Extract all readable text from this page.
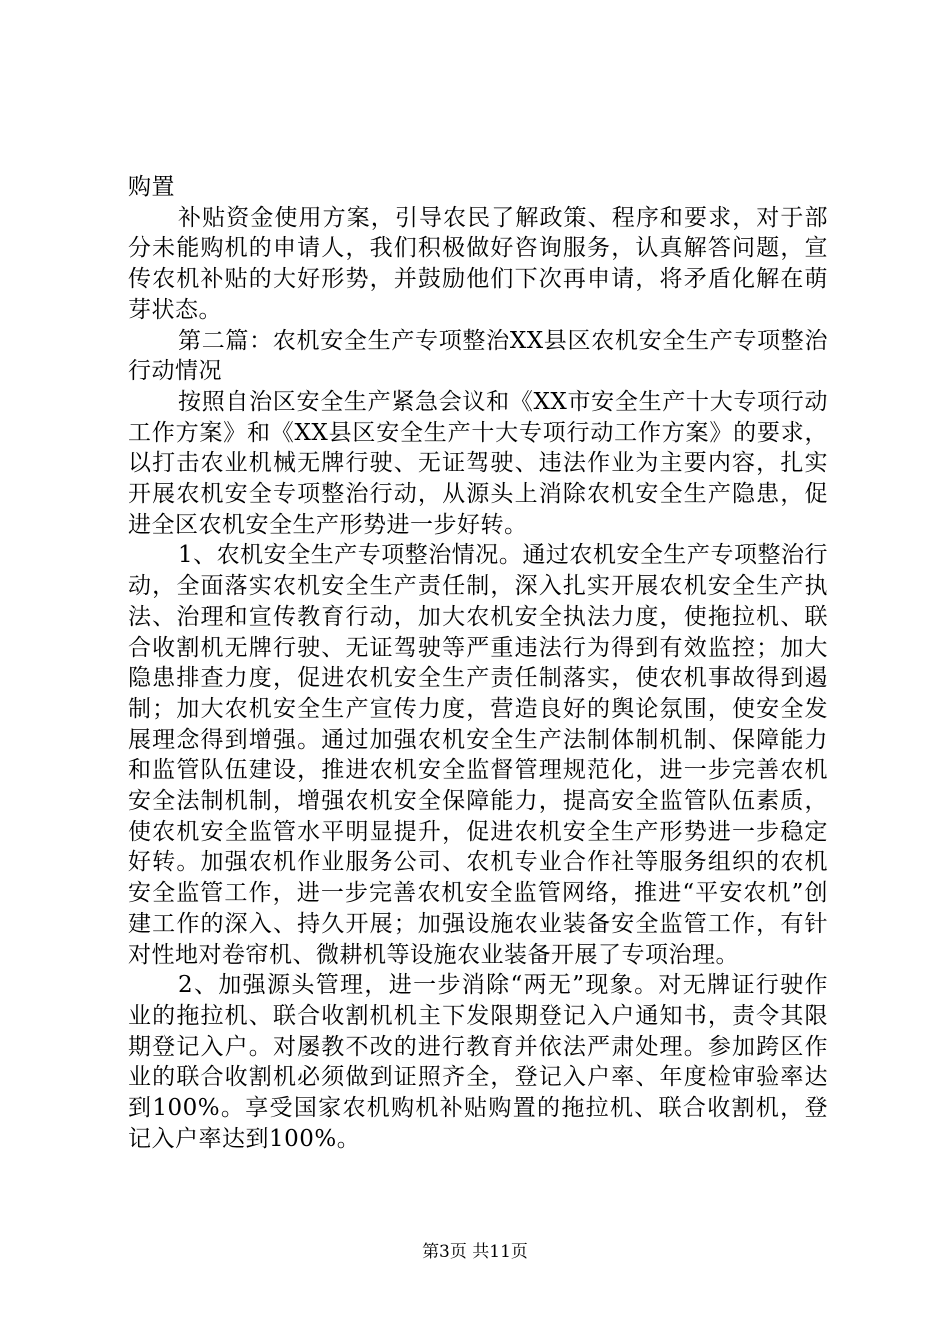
购置

补贴资金使用方案，引导农民了解政策、程序和要求，对于部分未能购机的申请人，我们积极做好咨询服务，认真解答问题，宣传农机补贴的大好形势，并鼓励他们下次再申请，将矛盾化解在萌芽状态。

第二篇：农机安全生产专项整治XX县区农机安全生产专项整治行动情况

按照自治区安全生产紧急会议和《XX市安全生产十大专项行动工作方案》和《XX县区安全生产十大专项行动工作方案》的要求，以打击农业机械无牌行驶、无证驾驶、违法作业为主要内容，扎实开展农机安全专项整治行动，从源头上消除农机安全生产隐患，促进全区农机安全生产形势进一步好转。

1、农机安全生产专项整治情况。通过农机安全生产专项整治行动，全面落实农机安全生产责任制，深入扎实开展农机安全生产执法、治理和宣传教育行动，加大农机安全执法力度，使拖拉机、联合收割机无牌行驶、无证驾驶等严重违法行为得到有效监控；加大隐患排查力度，促进农机安全生产责任制落实，使农机事故得到遏制；加大农机安全生产宣传力度，营造良好的舆论氛围，使安全发展理念得到增强。通过加强农机安全生产法制体制机制、保障能力和监管队伍建设，推进农机安全监督管理规范化，进一步完善农机安全法制机制，增强农机安全保障能力，提高安全监管队伍素质，使农机安全监管水平明显提升，促进农机安全生产形势进一步稳定好转。加强农机作业服务公司、农机专业合作社等服务组织的农机安全监管工作，进一步完善农机安全监管网络，推进“平安农机”创建工作的深入、持久开展；加强设施农业装备安全监管工作，有针对性地对卷帘机、微耕机等设施农业装备开展了专项治理。

2、加强源头管理，进一步消除“两无”现象。对无牌证行驶作业的拖拉机、联合收割机机主下发限期登记入户通知书，责令其限期登记入户。对屡教不改的进行教育并依法严肃处理。参加跨区作业的联合收割机必须做到证照齐全，登记入户率、年度检审验率达到100%。享受国家农机购机补贴购置的拖拉机、联合收割机，登记入户率达到100%。

第3页 共11页
